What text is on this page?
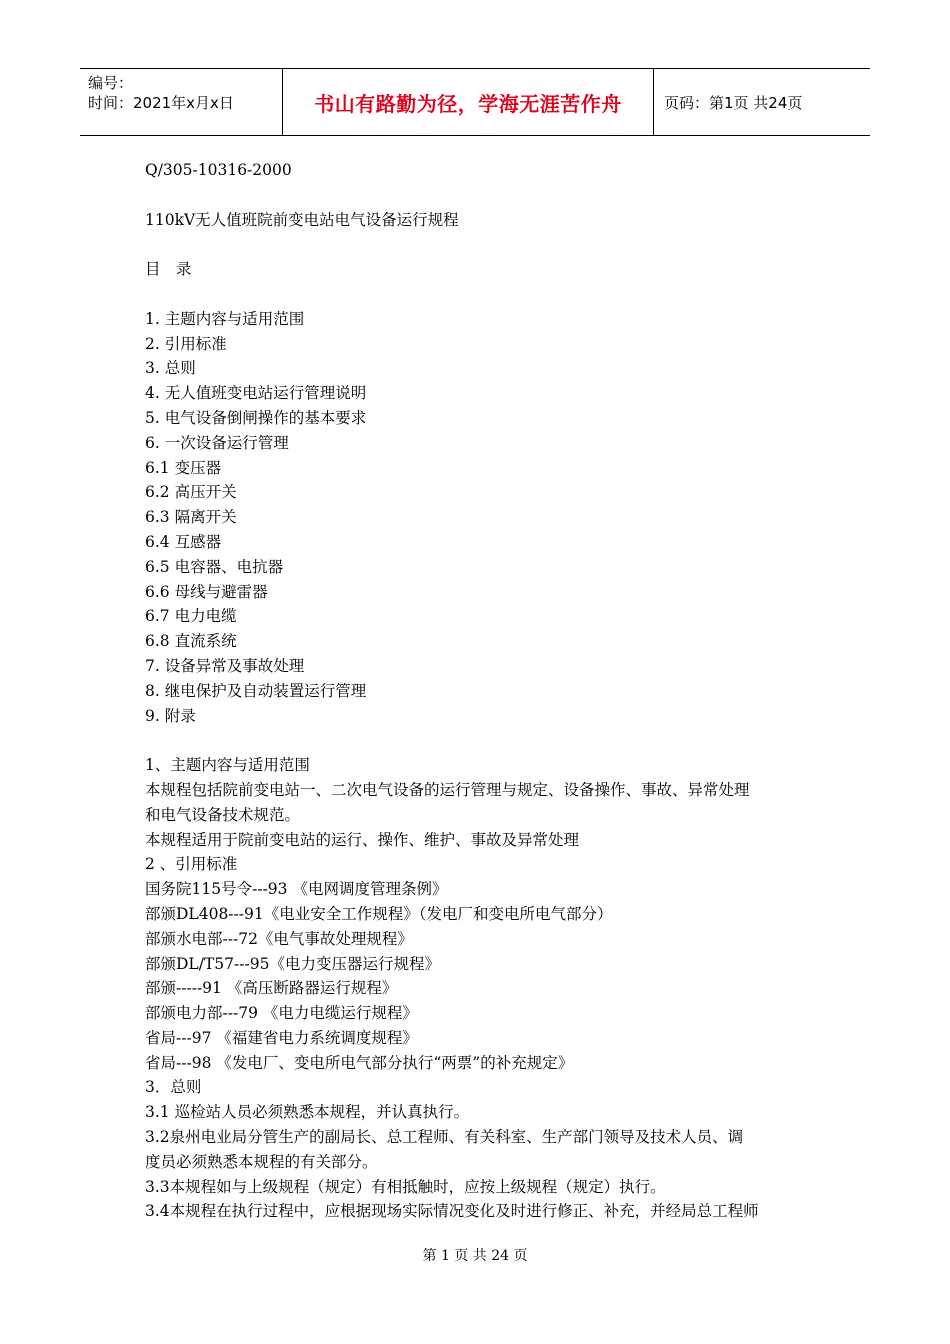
编号：
时间：2021年x月x日	书山有路勤为径，学海无涯苦作舟	页码：第1页 共24页

Q/305-10316-2000

110kV无人值班院前变电站电气设备运行规程

目　录

1. 主题内容与适用范围

2. 引用标准

3. 总则

4. 无人值班变电站运行管理说明

5. 电气设备倒闸操作的基本要求

6. 一次设备运行管理

6.1 变压器

6.2 高压开关

6.3 隔离开关

6.4 互感器

6.5 电容器、电抗器

6.6 母线与避雷器

6.7 电力电缆

6.8 直流系统

7. 设备异常及事故处理

8. 继电保护及自动装置运行管理

9. 附录

1、主题内容与适用范围

本规程包括院前变电站一、二次电气设备的运行管理与规定、设备操作、事故、异常处理

和电气设备技术规范。

本规程适用于院前变电站的运行、操作、维护、事故及异常处理

2 、引用标准

国务院115号令---93 《电网调度管理条例》

部颁DL408---91《电业安全工作规程》（发电厂和变电所电气部分）

部颁水电部---72《电气事故处理规程》

部颁DL/T57---95《电力变压器运行规程》

部颁-----91 《高压断路器运行规程》

部颁电力部---79 《电力电缆运行规程》

省局---97 《福建省电力系统调度规程》

省局---98 《发电厂、变电所电气部分执行“两票”的补充规定》

3．总则

3.1 巡检站人员必须熟悉本规程，并认真执行。

3.2泉州电业局分管生产的副局长、总工程师、有关科室、生产部门领导及技术人员、调

度员必须熟悉本规程的有关部分。

3.3本规程如与上级规程（规定）有相抵触时，应按上级规程（规定）执行。

3.4本规程在执行过程中，应根据现场实际情况变化及时进行修正、补充，并经局总工程师

第 1 页 共 24 页
